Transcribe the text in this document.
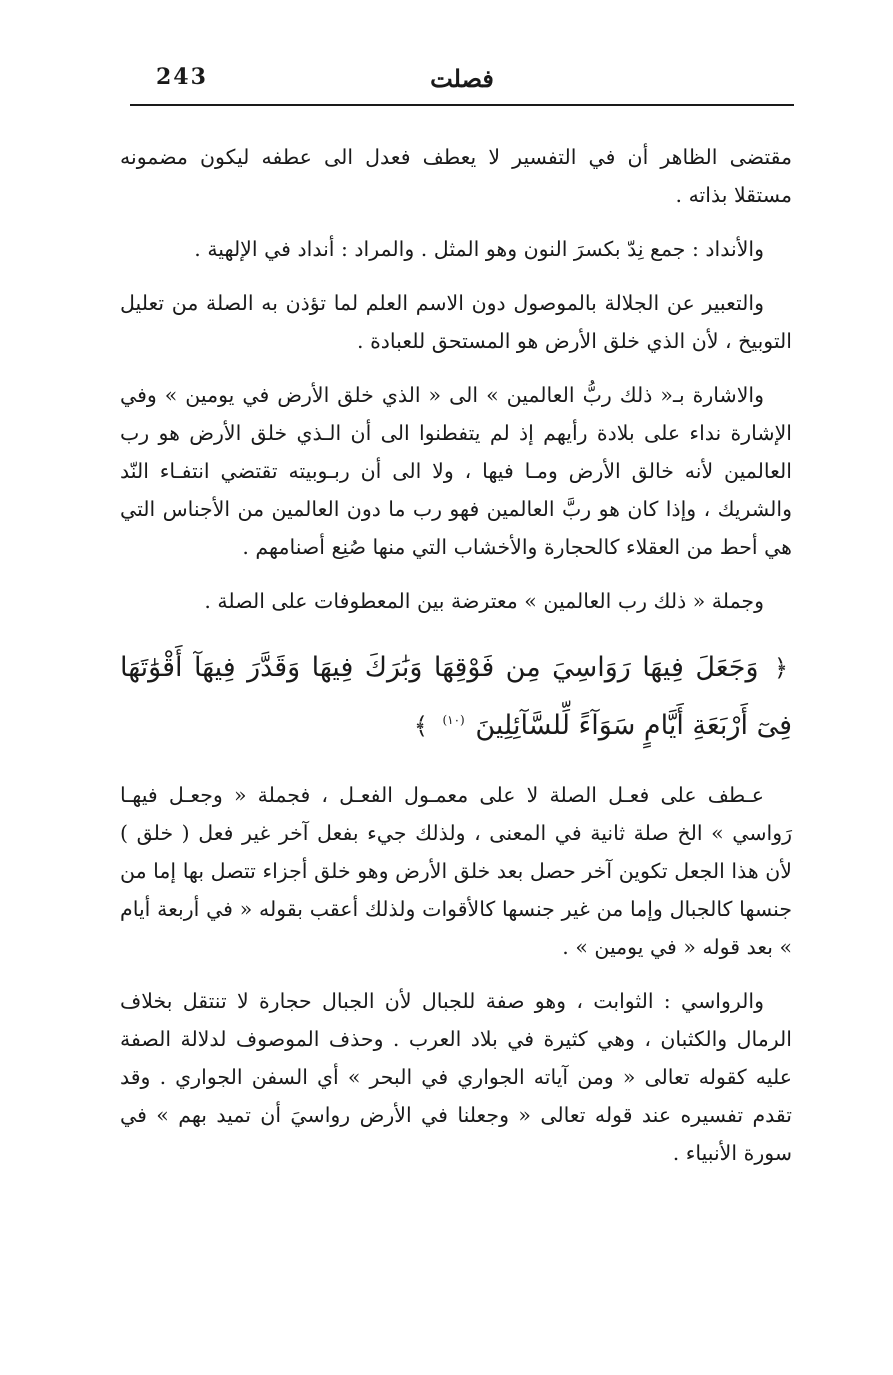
243	فصلت

مقتضى الظاهر أن في التفسير لا يعطف فعدل الى عطفه ليكون مضمونه مستقلا بذاته .

والأنداد : جمع نِدّ بكسرَ النون وهو المثل . والمراد : أنداد في الإلهية .

والتعبير عن الجلالة بالموصول دون الاسم العلم لما تؤذن به الصلة من تعليل التوبيخ ، لأن الذي خلق الأرض هو المستحق للعبادة .

والاشارة بـ« ذلك ربُّ العالمين » الى « الذي خلق الأرض في يومين » وفي الإشارة نداء على بلادة رأيهم إذ لم يتفطنوا الى أن الـذي خلق الأرض هو رب العالمين لأنه خالق الأرض ومـا فيها ، ولا الى أن ربـوبيته تقتضي انتفـاء النّد والشريك ، وإذا كان هو ربَّ العالمين فهو رب ما دون العالمين من الأجناس التي هي أحط من العقلاء كالحجارة والأخشاب التي منها صُنِع أصنامهم .

وجملة « ذلك رب العالمين » معترضة بين المعطوفات على الصلة .

﴿ وَجَعَلَ فِيهَا رَوَاسِيَ مِن فَوْقِهَا وَبَٰرَكَ فِيهَا وَقَدَّرَ فِيهَآ أَقْوَٰتَهَا فِىٓ أَرْبَعَةِ أَيَّامٍ سَوَآءً لِّلسَّآئِلِينَ $^{(١٠)}$ ﴾

عـطف على فعـل الصلة لا على معمـول الفعـل ، فجملة « وجعـل فيهـا رَواسي » الخ صلة ثانية في المعنى ، ولذلك جيء بفعل آخر غير فعل ( خلق ) لأن هذا الجعل تكوين آخر حصل بعد خلق الأرض وهو خلق أجزاء تتصل بها إما من جنسها كالجبال وإما من غير جنسها كالأقوات ولذلك أعقب بقوله « في أربعة أيام » بعد قوله « في يومين » .

والرواسي : الثوابت ، وهو صفة للجبال لأن الجبال حجارة لا تنتقل بخلاف الرمال والكثبان ، وهي كثيرة في بلاد العرب . وحذف الموصوف لدلالة الصفة عليه كقوله تعالى « ومن آياته الجواري في البحر » أي السفن الجواري . وقد تقدم تفسيره عند قوله تعالى « وجعلنا في الأرض رواسيَ أن تميد بهم » في سورة الأنبياء .
